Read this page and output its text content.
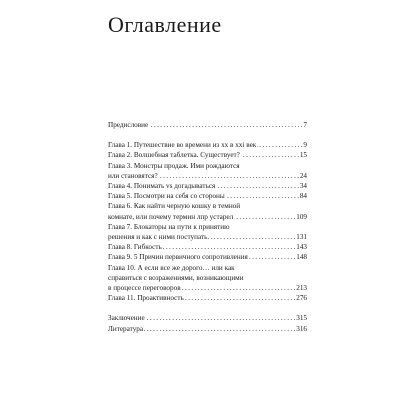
Оглавление
Предисловие . . .	7
Глава 1. Путешествие во времени из xx в xxi век . . .	9
Глава 2. Волшебная таблетка. Существует? . . .	15
Глава 3. Монстры продаж. Ими рождаются
или становятся? . . .	24
Глава 4. Понимать vs догадываться . . .	34
Глава 5. Посмотри на себя со стороны . . .	84
Глава 6. Как найти черную кошку в темной
комнате, или почему термин лпр устарел . . .	109
Глава 7. Блокаторы на пути к принятию
решения и как с ними поступать . . .	131
Глава 8. Гибкость . . .	143
Глава 9. 5 Причин первичного сопротивления . . .	148
Глава 10. А если все же дорого… или как
справиться с возражениями, возникающими
в процессе переговоров . . .	213
Глава 11. Проактивность . . .	276
Заключение . . .	315
Литература . . .	316
